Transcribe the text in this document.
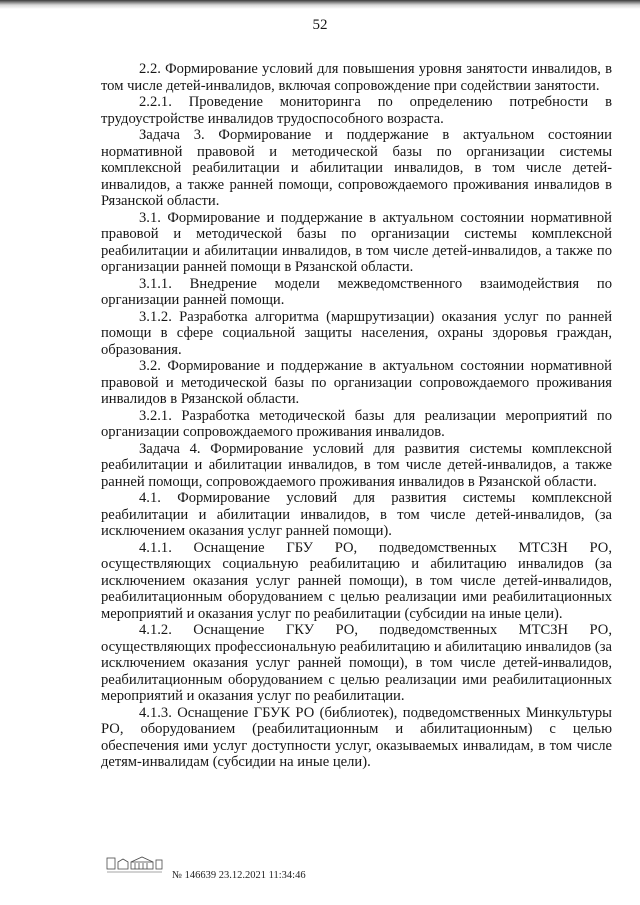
52

2.2. Формирование условий для повышения уровня занятости инвалидов, в том числе детей-инвалидов, включая сопровождение при содействии занятости.

2.2.1. Проведение мониторинга по определению потребности в трудоустройстве инвалидов трудоспособного возраста.

Задача 3. Формирование и поддержание в актуальном состоянии нормативной правовой и методической базы по организации системы комплексной реабилитации и абилитации инвалидов, в том числе детей-инвалидов, а также ранней помощи, сопровождаемого проживания инвалидов в Рязанской области.

3.1. Формирование и поддержание в актуальном состоянии нормативной правовой и методической базы по организации системы комплексной реабилитации и абилитации инвалидов, в том числе детей-инвалидов, а также по организации ранней помощи в Рязанской области.

3.1.1. Внедрение модели межведомственного взаимодействия по организации ранней помощи.

3.1.2. Разработка алгоритма (маршрутизации) оказания услуг по ранней помощи в сфере социальной защиты населения, охраны здоровья граждан, образования.

3.2. Формирование и поддержание в актуальном состоянии нормативной правовой и методической базы по организации сопровождаемого проживания инвалидов в Рязанской области.

3.2.1. Разработка методической базы для реализации мероприятий по организации сопровождаемого проживания инвалидов.

Задача 4. Формирование условий для развития системы комплексной реабилитации и абилитации инвалидов, в том числе детей-инвалидов, а также ранней помощи, сопровождаемого проживания инвалидов в Рязанской области.

4.1. Формирование условий для развития системы комплексной реабилитации и абилитации инвалидов, в том числе детей-инвалидов, (за исключением оказания услуг ранней помощи).

4.1.1. Оснащение ГБУ РО, подведомственных МТСЗН РО, осуществляющих социальную реабилитацию и абилитацию инвалидов (за исключением оказания услуг ранней помощи), в том числе детей-инвалидов, реабилитационным оборудованием с целью реализации ими реабилитационных мероприятий и оказания услуг по реабилитации (субсидии на иные цели).

4.1.2. Оснащение ГКУ РО, подведомственных МТСЗН РО, осуществляющих профессиональную реабилитацию и абилитацию инвалидов (за исключением оказания услуг ранней помощи), в том числе детей-инвалидов, реабилитационным оборудованием с целью реализации ими реабилитационных мероприятий и оказания услуг по реабилитации.

4.1.3. Оснащение ГБУК РО (библиотек), подведомственных Минкультуры РО, оборудованием (реабилитационным и абилитационным) с целью обеспечения ими услуг доступности услуг, оказываемых инвалидам, в том числе детям-инвалидам (субсидии на иные цели).

№ 146639 23.12.2021 11:34:46
